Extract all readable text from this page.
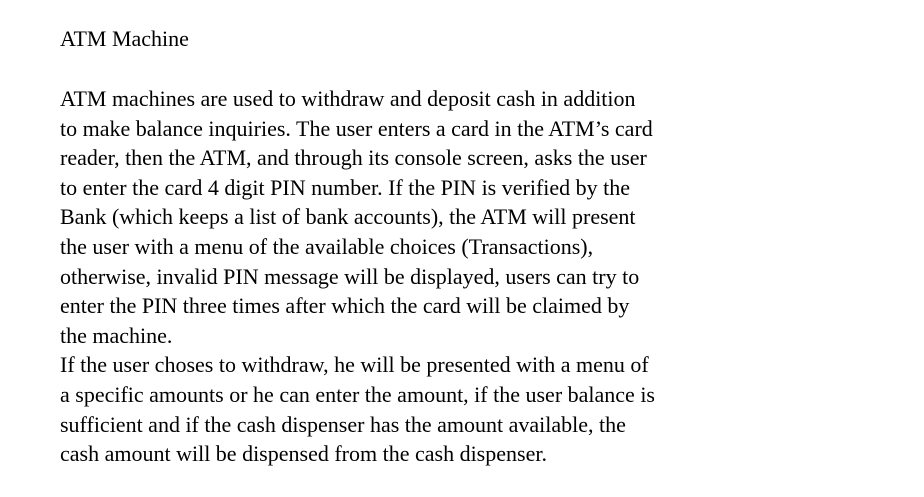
ATM Machine

ATM machines are used to withdraw and deposit cash in addition
to make balance inquiries. The user enters a card in the ATM’s card
reader, then the ATM, and through its console screen, asks the user
to enter the card 4 digit PIN number. If the PIN is verified by the
Bank (which keeps a list of bank accounts), the ATM will present
the user with a menu of the available choices (Transactions),
otherwise, invalid PIN message will be displayed, users can try to
enter the PIN three times after which the card will be claimed by
the machine.

If the user choses to withdraw, he will be presented with a menu of
a specific amounts or he can enter the amount, if the user balance is
sufficient and if the cash dispenser has the amount available, the
cash amount will be dispensed from the cash dispenser.
